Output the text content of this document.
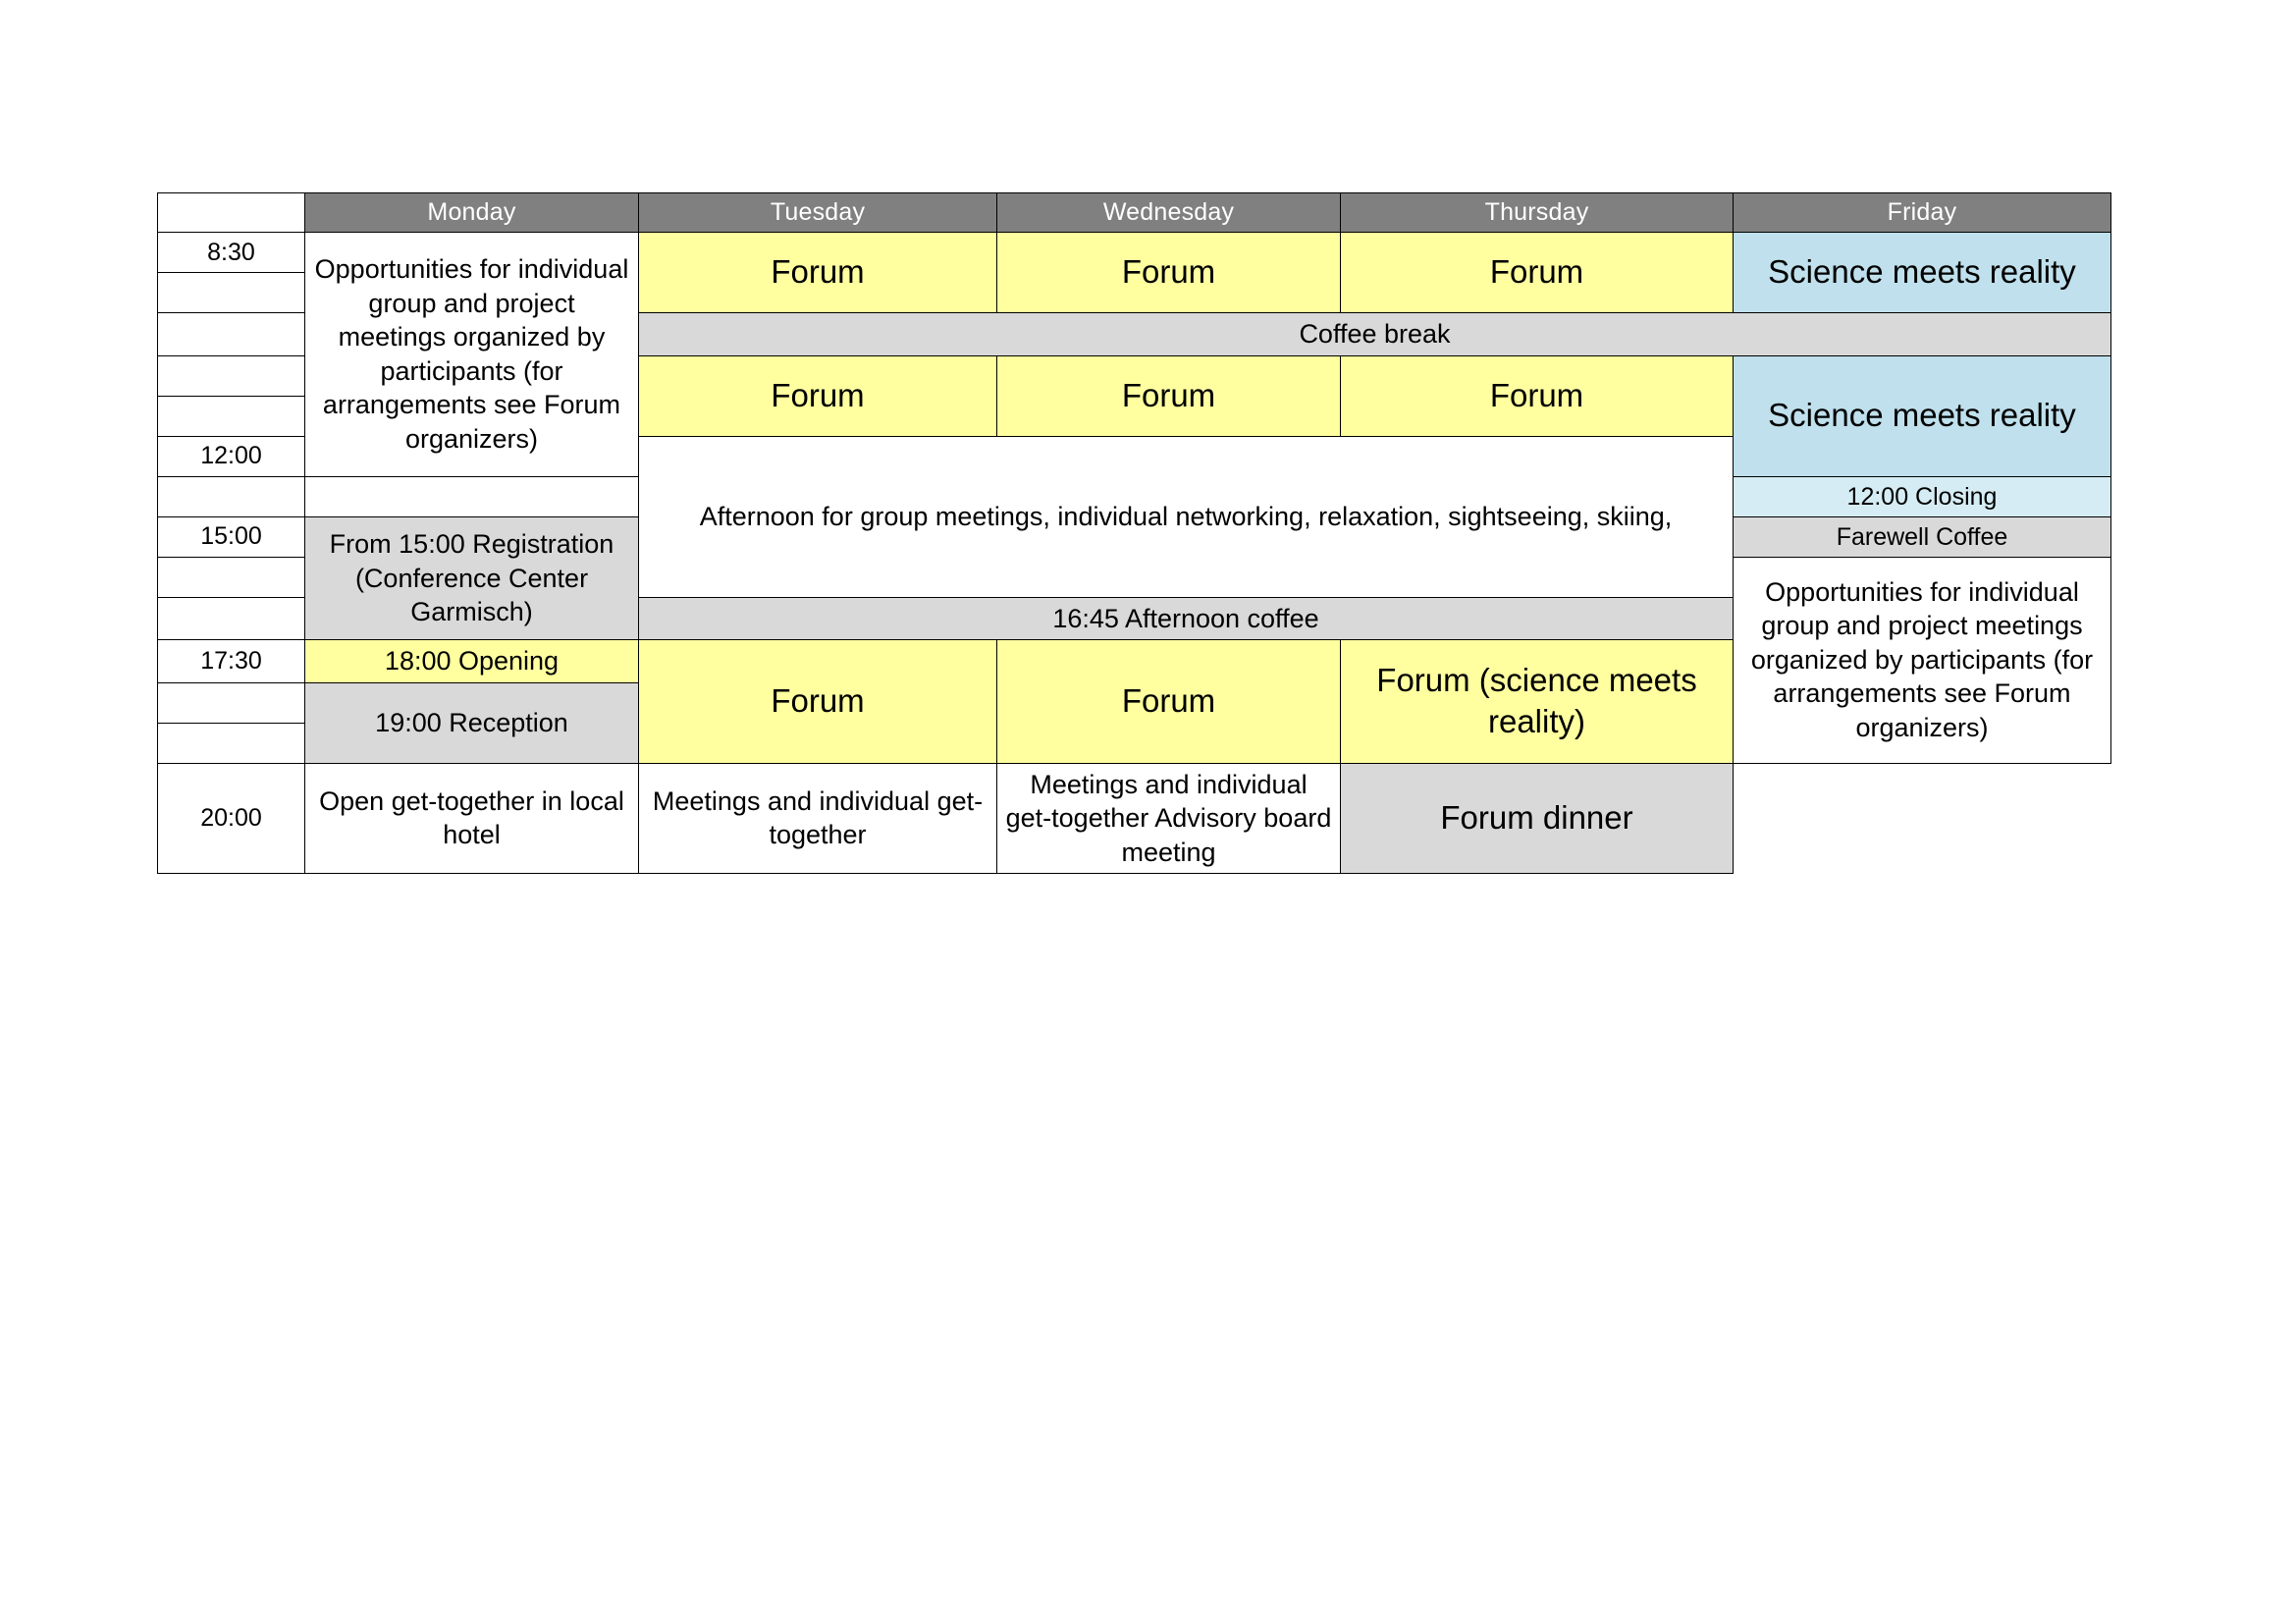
	Monday	Tuesday	Wednesday	Thursday	Friday
8:30	Opportunities for individual group and project meetings organized by participants (for arrangements see Forum organizers)	Forum	Forum	Forum	Science meets reality

		Coffee break			

		Forum	Forum	Forum	Science meets reality

12:00		Afternoon for group meetings, individual networking, relaxation, sightseeing, skiing,			

					12:00 Closing

15:00	From 15:00 Registration (Conference Center Garmisch)				Farewell Coffee

					Opportunities for individual group and project meetings organized by participants (for arrangements see Forum organizers)

		16:45 Afternoon coffee			

17:30	18:00 Opening	Forum	Forum	Forum (science meets reality)	

	19:00 Reception				

20:00	Open get-together in local hotel	Meetings and individual get-together	Meetings and individual get-together Advisory board meeting	Forum dinner	
